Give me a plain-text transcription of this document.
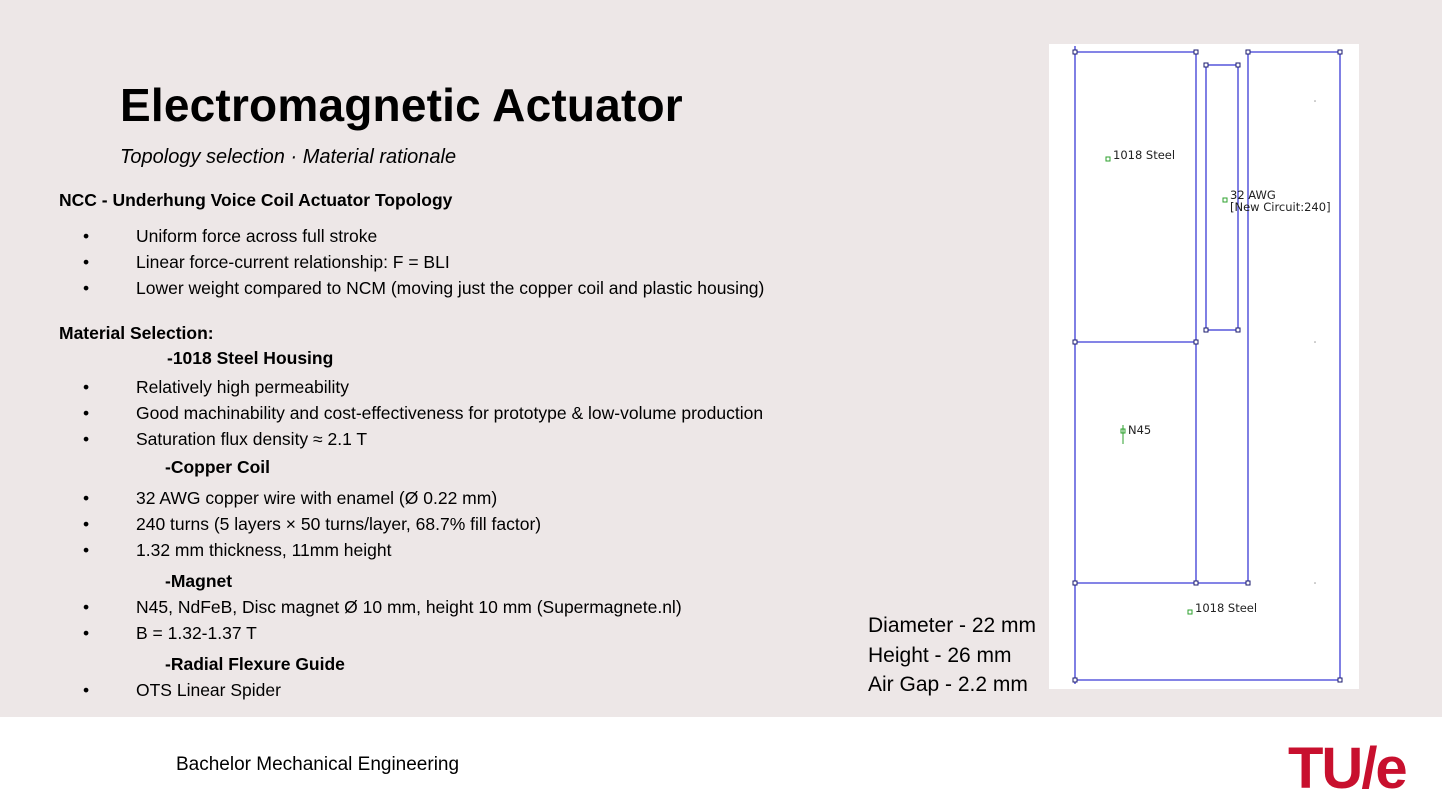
Electromagnetic Actuator
Topology selection · Material rationale
NCC - Underhung Voice Coil Actuator Topology
•	Uniform force across full stroke
•	Linear force-current relationship: F = BLI
•	Lower weight compared to NCM (moving just the copper coil and plastic housing)
Material Selection:
-1018 Steel Housing
•	Relatively high permeability
•	Good machinability and cost-effectiveness for prototype & low-volume production
•	Saturation flux density ≈ 2.1 T
-Copper Coil
•	32 AWG copper wire with enamel (Ø 0.22 mm)
•	240 turns (5 layers × 50 turns/layer, 68.7% fill factor)
•	1.32 mm thickness, 11mm height
-Magnet
•	N45, NdFeB, Disc magnet Ø 10 mm, height 10 mm (Supermagnete.nl)
•	B = 1.32-1.37 T
-Radial Flexure Guide
•	OTS Linear Spider
Diameter - 22 mm
Height - 26 mm
Air Gap - 2.2 mm
1018 Steel
32 AWG
[New Circuit:240]
N45
1018 Steel
Bachelor Mechanical Engineering	TU/e
